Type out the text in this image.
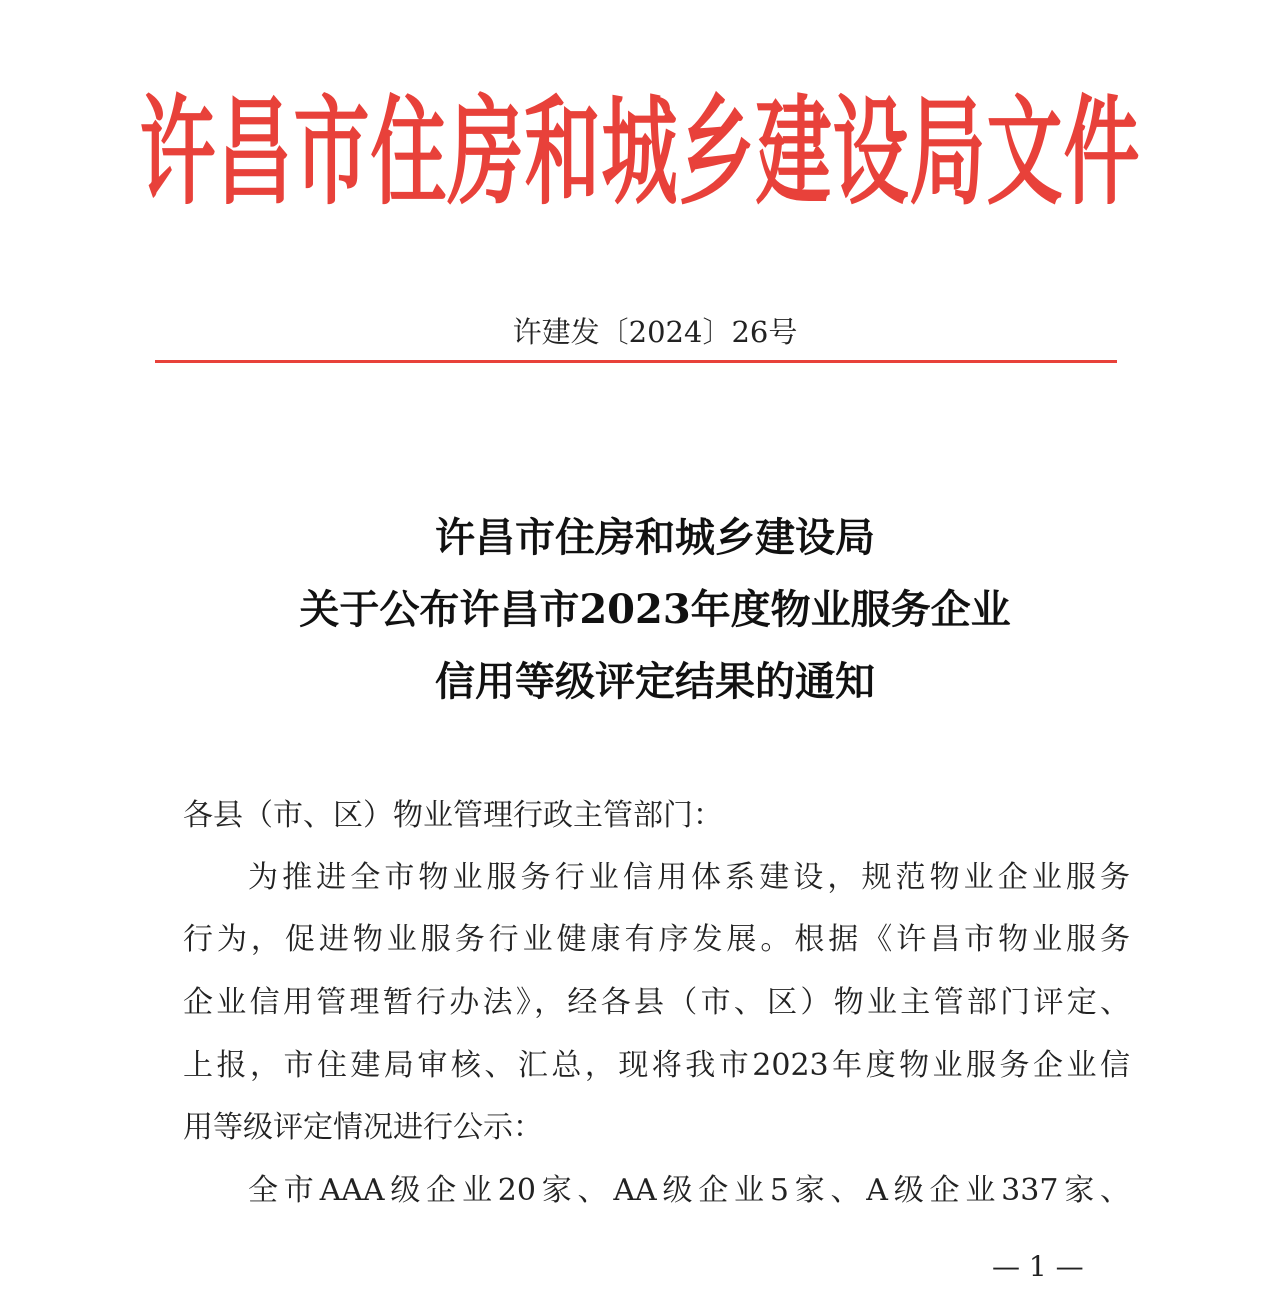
许昌市住房和城乡建设局文件
许建发〔2024〕26号
许昌市住房和城乡建设局
关于公布许昌市2023年度物业服务企业
信用等级评定结果的通知
各县（市、区）物业管理行政主管部门：
为推进全市物业服务行业信用体系建设，规范物业企业服务
行为，促进物业服务行业健康有序发展。根据《许昌市物业服务
企业信用管理暂行办法》，经各县（市、区）物业主管部门评定、
上报，市住建局审核、汇总，现将我市2023年度物业服务企业信
用等级评定情况进行公示：
全市AAA级企业20家、AA级企业5家、A级企业337家、
— 1 —
